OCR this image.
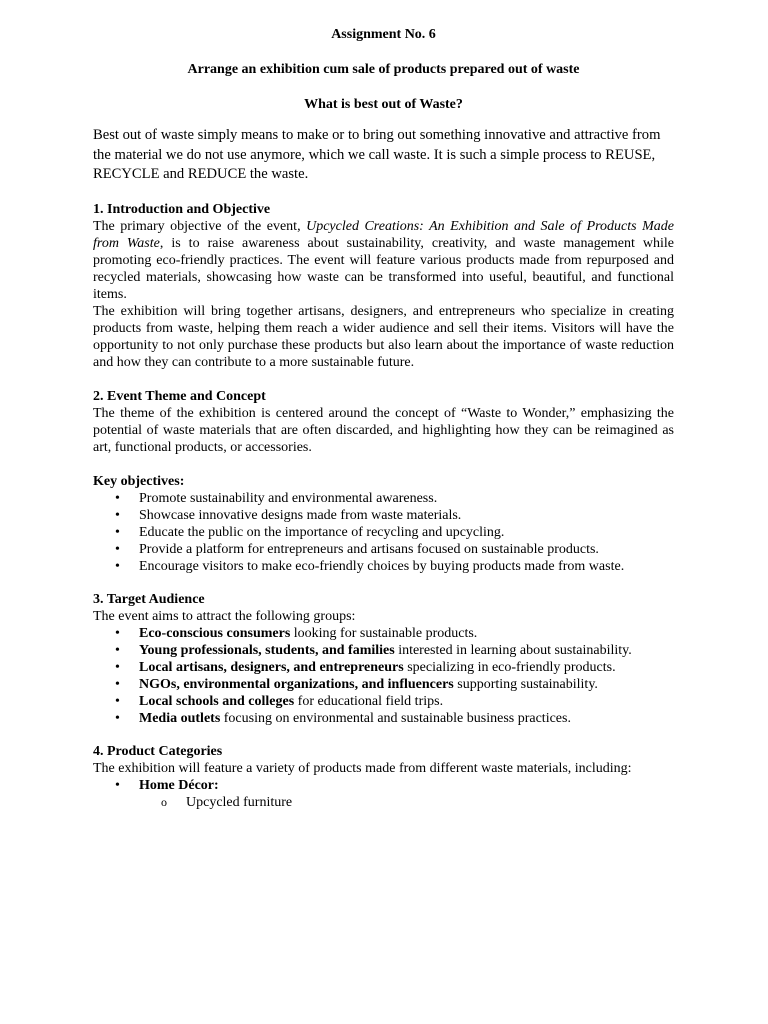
Assignment No. 6
Arrange an exhibition cum sale of products prepared out of waste
What is best out of Waste?

Best out of waste simply means to make or to bring out something innovative and attractive from the material we do not use anymore, which we call waste. It is such a simple process to REUSE, RECYCLE and REDUCE the waste.

1. Introduction and Objective

The primary objective of the event, Upcycled Creations: An Exhibition and Sale of Products Made from Waste, is to raise awareness about sustainability, creativity, and waste management while promoting eco-friendly practices. The event will feature various products made from repurposed and recycled materials, showcasing how waste can be transformed into useful, beautiful, and functional items.

The exhibition will bring together artisans, designers, and entrepreneurs who specialize in creating products from waste, helping them reach a wider audience and sell their items. Visitors will have the opportunity to not only purchase these products but also learn about the importance of waste reduction and how they can contribute to a more sustainable future.

2. Event Theme and Concept

The theme of the exhibition is centered around the concept of “Waste to Wonder,” emphasizing the potential of waste materials that are often discarded, and highlighting how they can be reimagined as art, functional products, or accessories.

Key objectives:
• Promote sustainability and environmental awareness.
• Showcase innovative designs made from waste materials.
• Educate the public on the importance of recycling and upcycling.
• Provide a platform for entrepreneurs and artisans focused on sustainable products.
• Encourage visitors to make eco-friendly choices by buying products made from waste.
3. Target Audience

The event aims to attract the following groups:

• Eco-conscious consumers looking for sustainable products.
• Young professionals, students, and families interested in learning about sustainability.
• Local artisans, designers, and entrepreneurs specializing in eco-friendly products.
• NGOs, environmental organizations, and influencers supporting sustainability.
• Local schools and colleges for educational field trips.
• Media outlets focusing on environmental and sustainable business practices.
4. Product Categories

The exhibition will feature a variety of products made from different waste materials, including:

• Home Décor:
o Upcycled furniture
